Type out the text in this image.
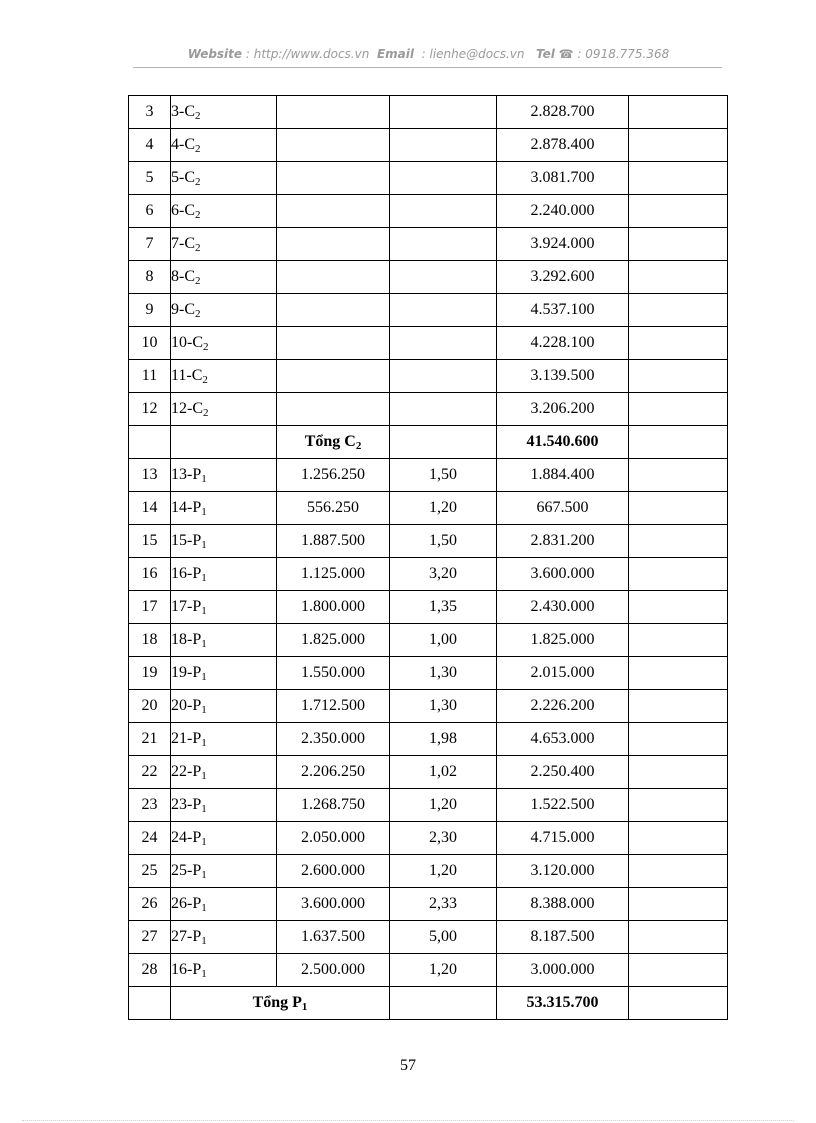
Website : http://www.docs.vn Email : lienhe@docs.vn Tel ☎ : 0918.775.368
3	$3-C_2$			2.828.700	
4	$4-C_2$			2.878.400	
5	$5-C_2$			3.081.700	
6	$6-C_2$			2.240.000	
7	$7-C_2$			3.924.000	
8	$8-C_2$			3.292.600	
9	$9-C_2$			4.537.100	
10	$10-C_2$			4.228.100	
11	$11-C_2$			3.139.500	
12	$12-C_2$			3.206.200	
		Tổng $C_2$		41.540.600	
13	$13-P_1$	1.256.250	1,50	1.884.400	
14	$14-P_1$	556.250	1,20	667.500	
15	$15-P_1$	1.887.500	1,50	2.831.200	
16	$16-P_1$	1.125.000	3,20	3.600.000	
17	$17-P_1$	1.800.000	1,35	2.430.000	
18	$18-P_1$	1.825.000	1,00	1.825.000	
19	$19-P_1$	1.550.000	1,30	2.015.000	
20	$20-P_1$	1.712.500	1,30	2.226.200	
21	$21-P_1$	2.350.000	1,98	4.653.000	
22	$22-P_1$	2.206.250	1,02	2.250.400	
23	$23-P_1$	1.268.750	1,20	1.522.500	
24	$24-P_1$	2.050.000	2,30	4.715.000	
25	$25-P_1$	2.600.000	1,20	3.120.000	
26	$26-P_1$	3.600.000	2,33	8.388.000	
27	$27-P_1$	1.637.500	5,00	8.187.500	
28	$16-P_1$	2.500.000	1,20	3.000.000	
	Tổng $P_1$			53.315.700	
57
